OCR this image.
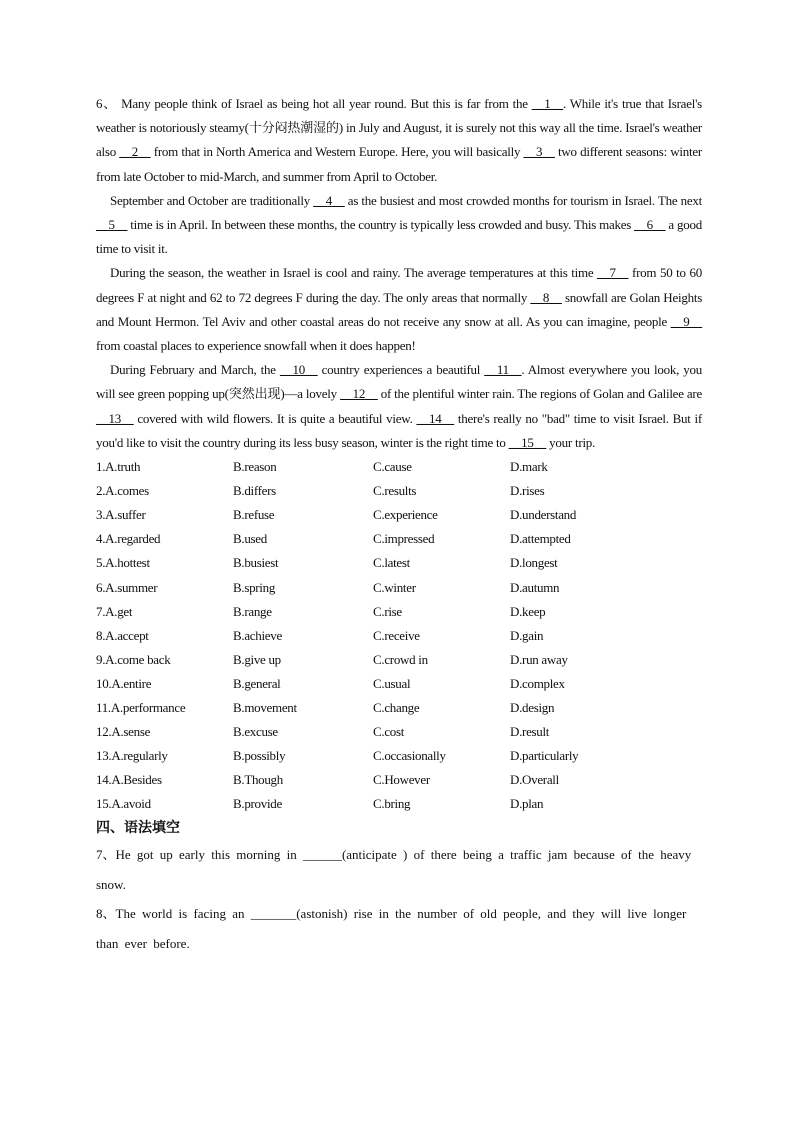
6、 Many people think of Israel as being hot all year round. But this is far from the __1__. While it's true that Israel's weather is notoriously steamy(十分闷热潮湿的) in July and August, it is surely not this way all the time. Israel's weather also __2__ from that in North America and Western Europe. Here, you will basically __3__ two different seasons: winter from late October to mid-March, and summer from April to October.

September and October are traditionally __4__ as the busiest and most crowded months for tourism in Israel. The next __5__ time is in April. In between these months, the country is typically less crowded and busy. This makes __6__ a good time to visit it.

During the season, the weather in Israel is cool and rainy. The average temperatures at this time __7__ from 50 to 60 degrees F at night and 62 to 72 degrees F during the day. The only areas that normally __8__ snowfall are Golan Heights and Mount Hermon. Tel Aviv and other coastal areas do not receive any snow at all. As you can imagine, people __9__ from coastal places to experience snowfall when it does happen!

During February and March, the __10__ country experiences a beautiful __11__. Almost everywhere you look, you will see green popping up(突然出现)—a lovely __12__ of the plentiful winter rain. The regions of Golan and Galilee are __13__ covered with wild flowers. It is quite a beautiful view. __14__ there's really no "bad" time to visit Israel. But if you'd like to visit the country during its less busy season, winter is the right time to __15__ your trip.

1.A.truth	B.reason	C.cause	D.mark
2.A.comes	B.differs	C.results	D.rises
3.A.suffer	B.refuse	C.experience	D.understand
4.A.regarded	B.used	C.impressed	D.attempted
5.A.hottest	B.busiest	C.latest	D.longest
6.A.summer	B.spring	C.winter	D.autumn
7.A.get	B.range	C.rise	D.keep
8.A.accept	B.achieve	C.receive	D.gain
9.A.come back	B.give up	C.crowd in	D.run away
10.A.entire	B.general	C.usual	D.complex
11.A.performance	B.movement	C.change	D.design
12.A.sense	B.excuse	C.cost	D.result
13.A.regularly	B.possibly	C.occasionally	D.particularly
14.A.Besides	B.Though	C.However	D.Overall
15.A.avoid	B.provide	C.bring	D.plan

四、语法填空

7、He got up early this morning in ______(anticipate ) of there being a traffic jam because of the heavy snow.

8、The world is facing an _______(astonish) rise in the number of old people, and they will live longer than ever before.
